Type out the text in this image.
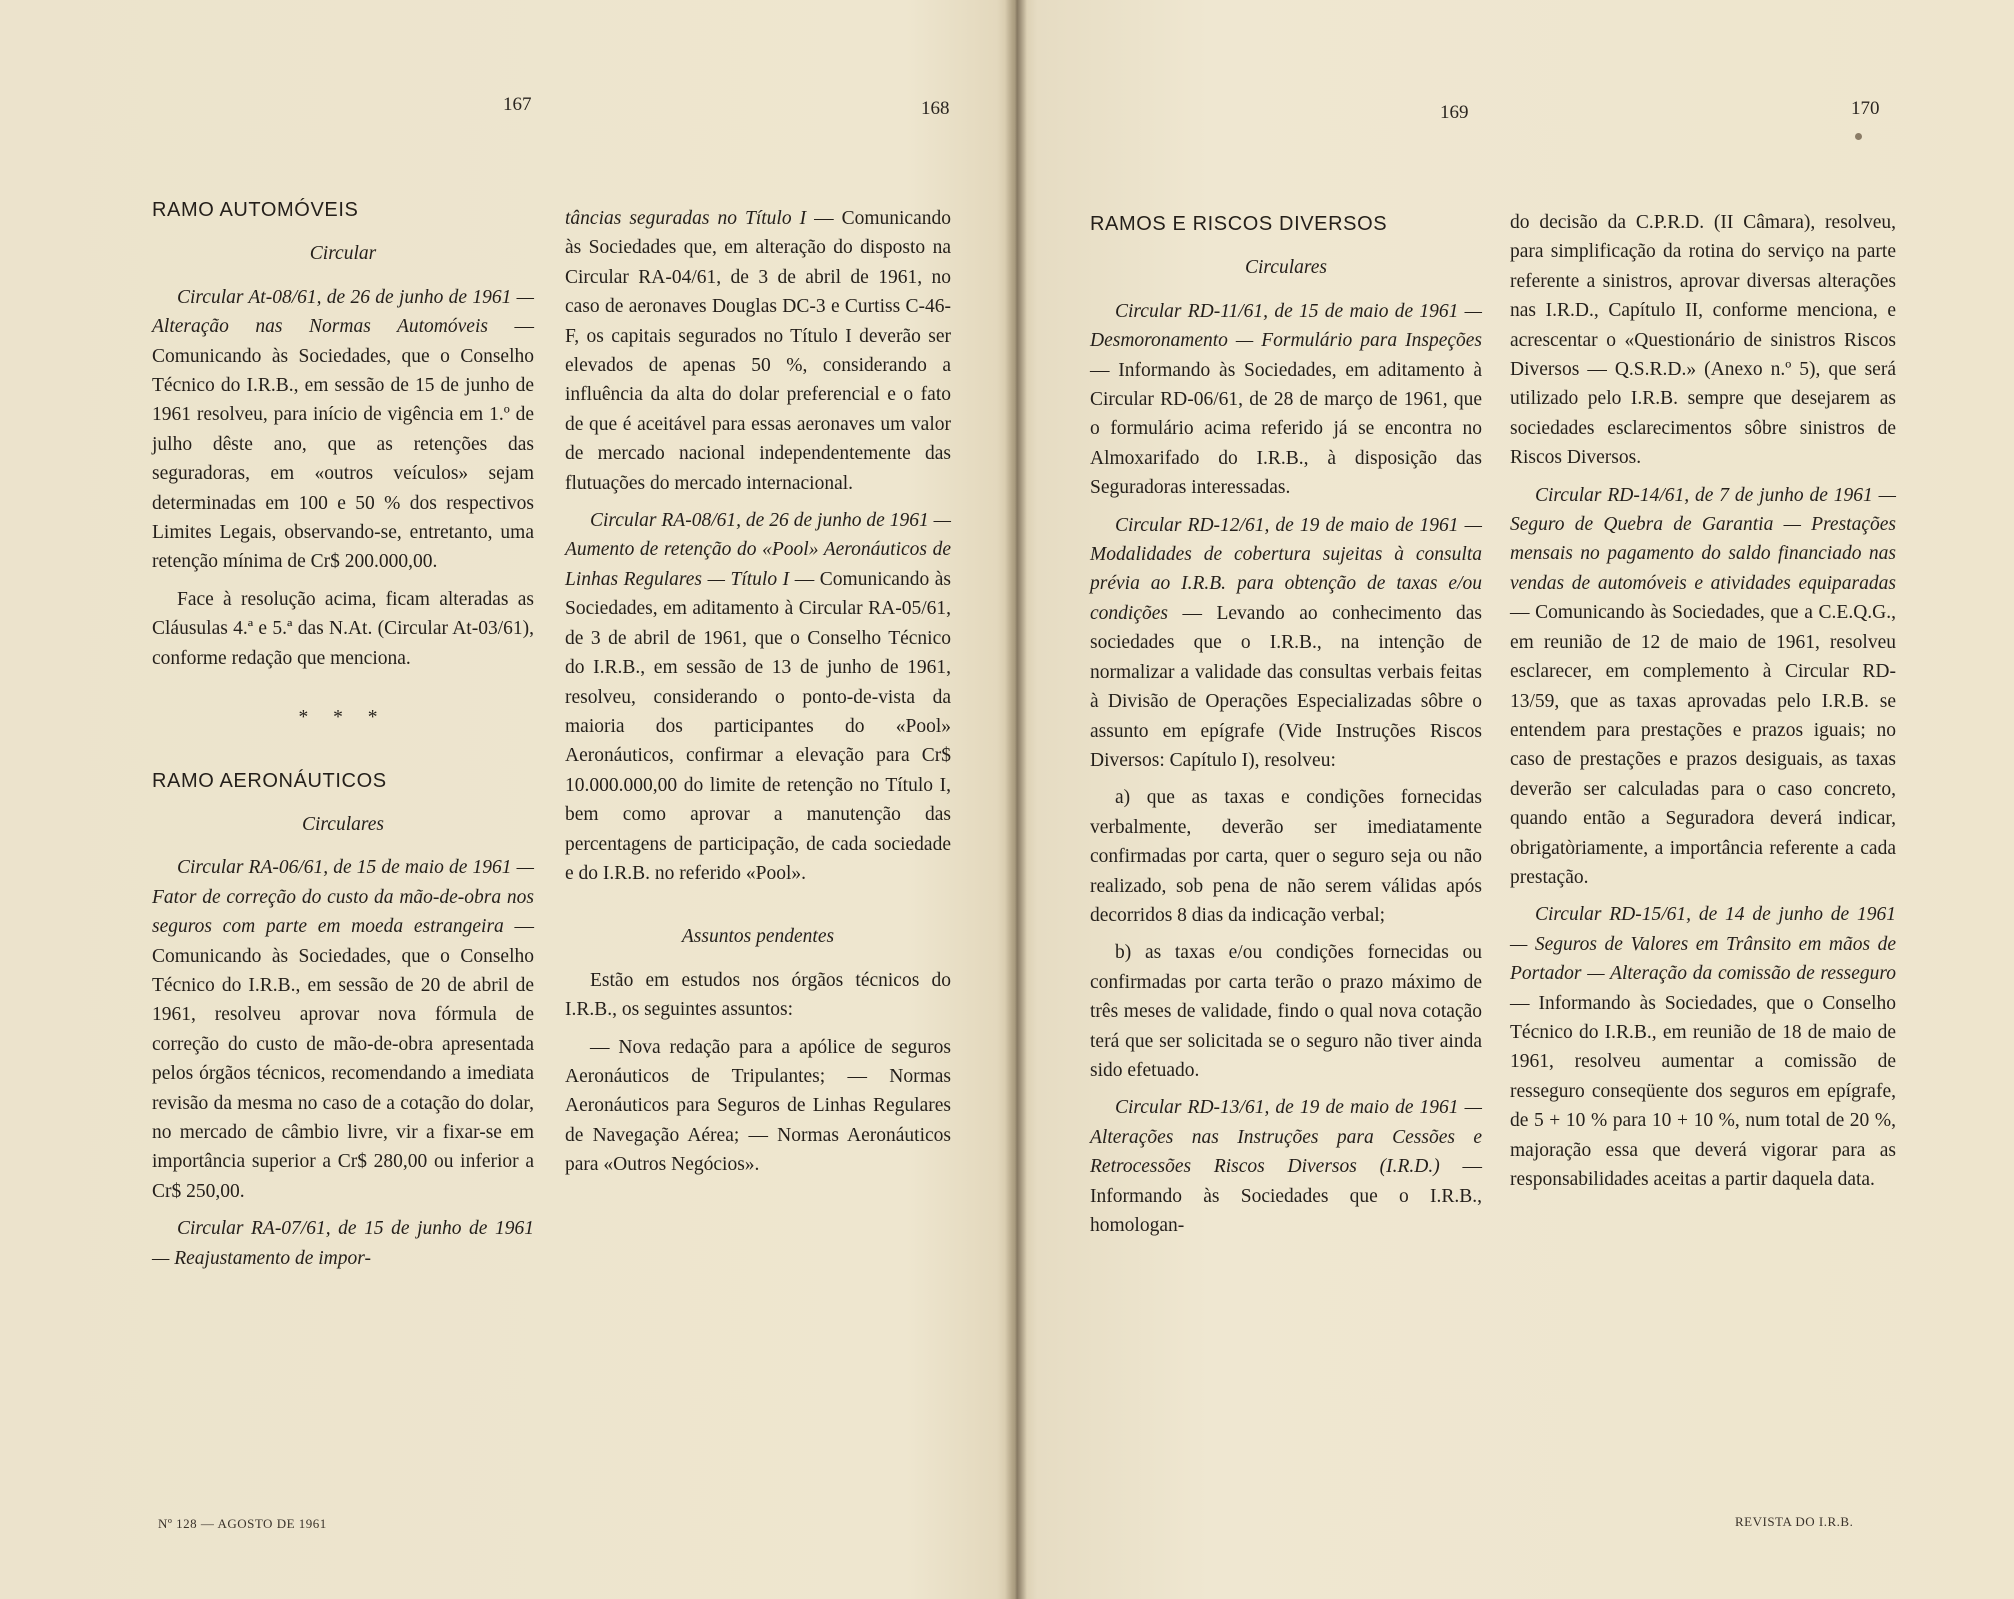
167	168	169	170

RAMO AUTOMÓVEIS

Circular

Circular At-08/61, de 26 de junho de 1961 — Alteração nas Normas Automóveis — Comunicando às Sociedades, que o Conselho Técnico do I.R.B., em sessão de 15 de junho de 1961 resolveu, para início de vigência em 1.º de julho dêste ano, que as retenções das seguradoras, em «outros veículos» sejam determinadas em 100 e 50 % dos respectivos Limites Legais, observando-se, entretanto, uma retenção mínima de Cr$ 200.000,00.

Face à resolução acima, ficam alteradas as Cláusulas 4.ª e 5.ª das N.At. (Circular At-03/61), conforme redação que menciona.

* * *

RAMO AERONÁUTICOS

Circulares

Circular RA-06/61, de 15 de maio de 1961 — Fator de correção do custo da mão-de-obra nos seguros com parte em moeda estrangeira — Comunicando às Sociedades, que o Conselho Técnico do I.R.B., em sessão de 20 de abril de 1961, resolveu aprovar nova fórmula de correção do custo de mão-de-obra apresentada pelos órgãos técnicos, recomendando a imediata revisão da mesma no caso de a cotação do dolar, no mercado de câmbio livre, vir a fixar-se em importância superior a Cr$ 280,00 ou inferior a Cr$ 250,00.

Circular RA-07/61, de 15 de junho de 1961 — Reajustamento de impor-

tâncias seguradas no Título I — Comunicando às Sociedades que, em alteração do disposto na Circular RA-04/61, de 3 de abril de 1961, no caso de aeronaves Douglas DC-3 e Curtiss C-46-F, os capitais segurados no Título I deverão ser elevados de apenas 50 %, considerando a influência da alta do dolar preferencial e o fato de que é aceitável para essas aeronaves um valor de mercado nacional independentemente das flutuações do mercado internacional.

Circular RA-08/61, de 26 de junho de 1961 — Aumento de retenção do «Pool» Aeronáuticos de Linhas Regulares — Título I — Comunicando às Sociedades, em aditamento à Circular RA-05/61, de 3 de abril de 1961, que o Conselho Técnico do I.R.B., em sessão de 13 de junho de 1961, resolveu, considerando o ponto-de-vista da maioria dos participantes do «Pool» Aeronáuticos, confirmar a elevação para Cr$ 10.000.000,00 do limite de retenção no Título I, bem como aprovar a manutenção das percentagens de participação, de cada sociedade e do I.R.B. no referido «Pool».

Assuntos pendentes

Estão em estudos nos órgãos técnicos do I.R.B., os seguintes assuntos:

— Nova redação para a apólice de seguros Aeronáuticos de Tripulantes; — Normas Aeronáuticos para Seguros de Linhas Regulares de Navegação Aérea; — Normas Aeronáuticos para «Outros Negócios».

RAMOS E RISCOS DIVERSOS

Circulares

Circular RD-11/61, de 15 de maio de 1961 — Desmoronamento — Formulário para Inspeções — Informando às Sociedades, em aditamento à Circular RD-06/61, de 28 de março de 1961, que o formulário acima referido já se encontra no Almoxarifado do I.R.B., à disposição das Seguradoras interessadas.

Circular RD-12/61, de 19 de maio de 1961 — Modalidades de cobertura sujeitas à consulta prévia ao I.R.B. para obtenção de taxas e/ou condições — Levando ao conhecimento das sociedades que o I.R.B., na intenção de normalizar a validade das consultas verbais feitas à Divisão de Operações Especializadas sôbre o assunto em epígrafe (Vide Instruções Riscos Diversos: Capítulo I), resolveu:

a) que as taxas e condições fornecidas verbalmente, deverão ser imediatamente confirmadas por carta, quer o seguro seja ou não realizado, sob pena de não serem válidas após decorridos 8 dias da indicação verbal;

b) as taxas e/ou condições fornecidas ou confirmadas por carta terão o prazo máximo de três meses de validade, findo o qual nova cotação terá que ser solicitada se o seguro não tiver ainda sido efetuado.

Circular RD-13/61, de 19 de maio de 1961 — Alterações nas Instruções para Cessões e Retrocessões Riscos Diversos (I.R.D.) — Informando às Sociedades que o I.R.B., homologan-

do decisão da C.P.R.D. (II Câmara), resolveu, para simplificação da rotina do serviço na parte referente a sinistros, aprovar diversas alterações nas I.R.D., Capítulo II, conforme menciona, e acrescentar o «Questionário de sinistros Riscos Diversos — Q.S.R.D.» (Anexo n.º 5), que será utilizado pelo I.R.B. sempre que desejarem as sociedades esclarecimentos sôbre sinistros de Riscos Diversos.

Circular RD-14/61, de 7 de junho de 1961 — Seguro de Quebra de Garantia — Prestações mensais no pagamento do saldo financiado nas vendas de automóveis e atividades equiparadas — Comunicando às Sociedades, que a C.E.Q.G., em reunião de 12 de maio de 1961, resolveu esclarecer, em complemento à Circular RD-13/59, que as taxas aprovadas pelo I.R.B. se entendem para prestações e prazos iguais; no caso de prestações e prazos desiguais, as taxas deverão ser calculadas para o caso concreto, quando então a Seguradora deverá indicar, obrigatòriamente, a importância referente a cada prestação.

Circular RD-15/61, de 14 de junho de 1961 — Seguros de Valores em Trânsito em mãos de Portador — Alteração da comissão de resseguro — Informando às Sociedades, que o Conselho Técnico do I.R.B., em reunião de 18 de maio de 1961, resolveu aumentar a comissão de resseguro conseqüente dos seguros em epígrafe, de 5 + 10 % para 10 + 10 %, num total de 20 %, majoração essa que deverá vigorar para as responsabilidades aceitas a partir daquela data.

Nº 128 — AGOSTO DE 1961	REVISTA DO I.R.B.
